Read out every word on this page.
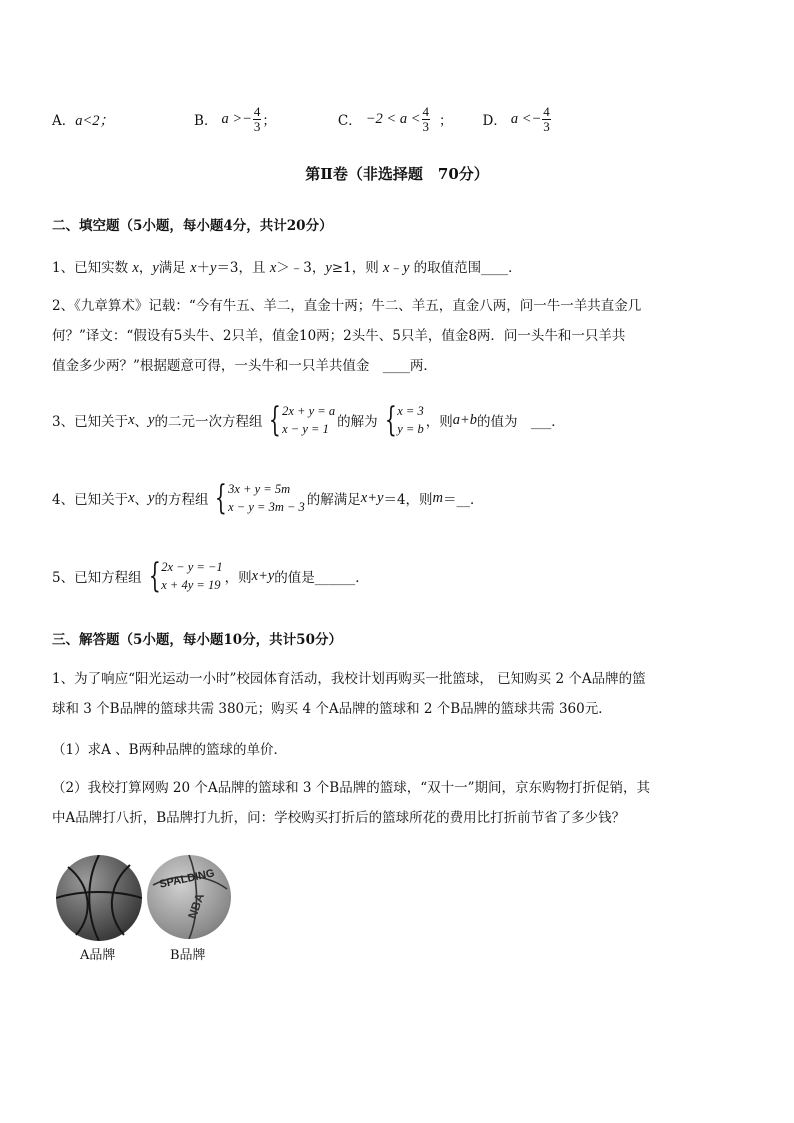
A． a<2；	B． $a >- \frac{4}{3}$ ；	C． $-2 < a < \frac{4}{3}$ ； D． $a <- \frac{4}{3}$
第Ⅱ卷（非选择题　70分）
二、填空题（5小题，每小题4分，共计20分）
1、已知实数 x，y满足 x＋y＝3，且 x＞﹣3，y≥1，则 x﹣y 的取值范围____．
2、《九章算术》记载：“今有牛五、羊二，直金十两；牛二、羊五，直金八两，问一牛一羊共直金几
何？”译文：“假设有5头牛、2只羊，值金10两；2头牛、5只羊，值金8两．问一头牛和一只羊共
值金多少两？”根据题意可得，一头牛和一只羊共值金　____两．
3、已知关于 x 、 y 的二元一次方程组 { 2x + y = a
x − y = 1 的解为 { x = 3
y = b ，则 a+b 的值为　___．
4、已知关于 x 、 y 的方程组 { 3x + y = 5m
x − y = 3m − 3 的解满足 x+y ＝4，则 m ＝__．
5、已知方程组 { 2x − y = −1
x + 4y = 19 ，则 x+y 的值是______．
三、解答题（5小题，每小题10分，共计50分）
1、为了响应“阳光运动一小时”校园体育活动，我校计划再购买一批篮球， 已知购买 2 个A品牌的篮
球和 3 个B品牌的篮球共需 380元；购买 4 个A品牌的篮球和 2 个B品牌的篮球共需 360元．
（1）求A 、B两种品牌的篮球的单价．
（2）我校打算网购 20 个A品牌的篮球和 3 个B品牌的篮球，“双十一”期间，京东购物打折促销，其
中A品牌打八折，B品牌打九折，问：学校购买打折后的篮球所花的费用比打折前节省了多少钱？
SPALDING
NBA
A品牌	B品牌
